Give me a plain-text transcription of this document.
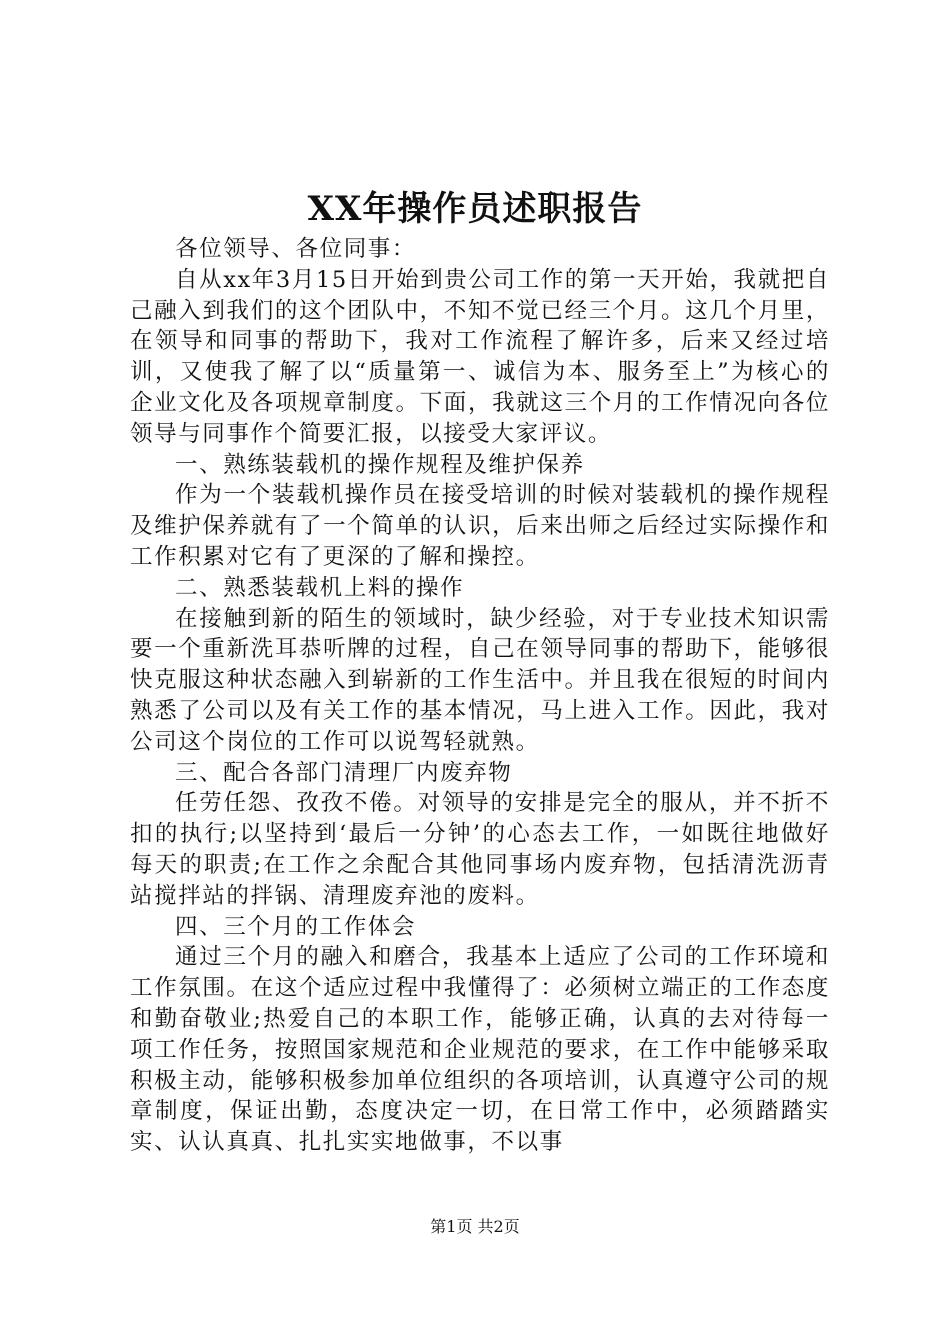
XX年操作员述职报告

各位领导、各位同事：

自从xx年3月15日开始到贵公司工作的第一天开始，我就把自己融入到我们的这个团队中，不知不觉已经三个月。这几个月里，在领导和同事的帮助下，我对工作流程了解许多，后来又经过培训，又使我了解了以“质量第一、诚信为本、服务至上”为核心的企业文化及各项规章制度。下面，我就这三个月的工作情况向各位领导与同事作个简要汇报，以接受大家评议。

一、熟练装载机的操作规程及维护保养

作为一个装载机操作员在接受培训的时候对装载机的操作规程及维护保养就有了一个简单的认识，后来出师之后经过实际操作和工作积累对它有了更深的了解和操控。

二、熟悉装载机上料的操作

在接触到新的陌生的领域时，缺少经验，对于专业技术知识需要一个重新洗耳恭听牌的过程，自己在领导同事的帮助下，能够很快克服这种状态融入到崭新的工作生活中。并且我在很短的时间内熟悉了公司以及有关工作的基本情况，马上进入工作。因此，我对公司这个岗位的工作可以说驾轻就熟。

三、配合各部门清理厂内废弃物

任劳任怨、孜孜不倦。对领导的安排是完全的服从，并不折不扣的执行;以坚持到‘最后一分钟’的心态去工作，一如既往地做好每天的职责;在工作之余配合其他同事场内废弃物，包括清洗沥青站搅拌站的拌锅、清理废弃池的废料。

四、三个月的工作体会

通过三个月的融入和磨合，我基本上适应了公司的工作环境和工作氛围。在这个适应过程中我懂得了：必须树立端正的工作态度和勤奋敬业;热爱自己的本职工作，能够正确，认真的去对待每一项工作任务，按照国家规范和企业规范的要求，在工作中能够采取积极主动，能够积极参加单位组织的各项培训，认真遵守公司的规章制度，保证出勤，态度决定一切，在日常工作中，必须踏踏实实、认认真真、扎扎实实地做事，不以事

第1页 共2页
